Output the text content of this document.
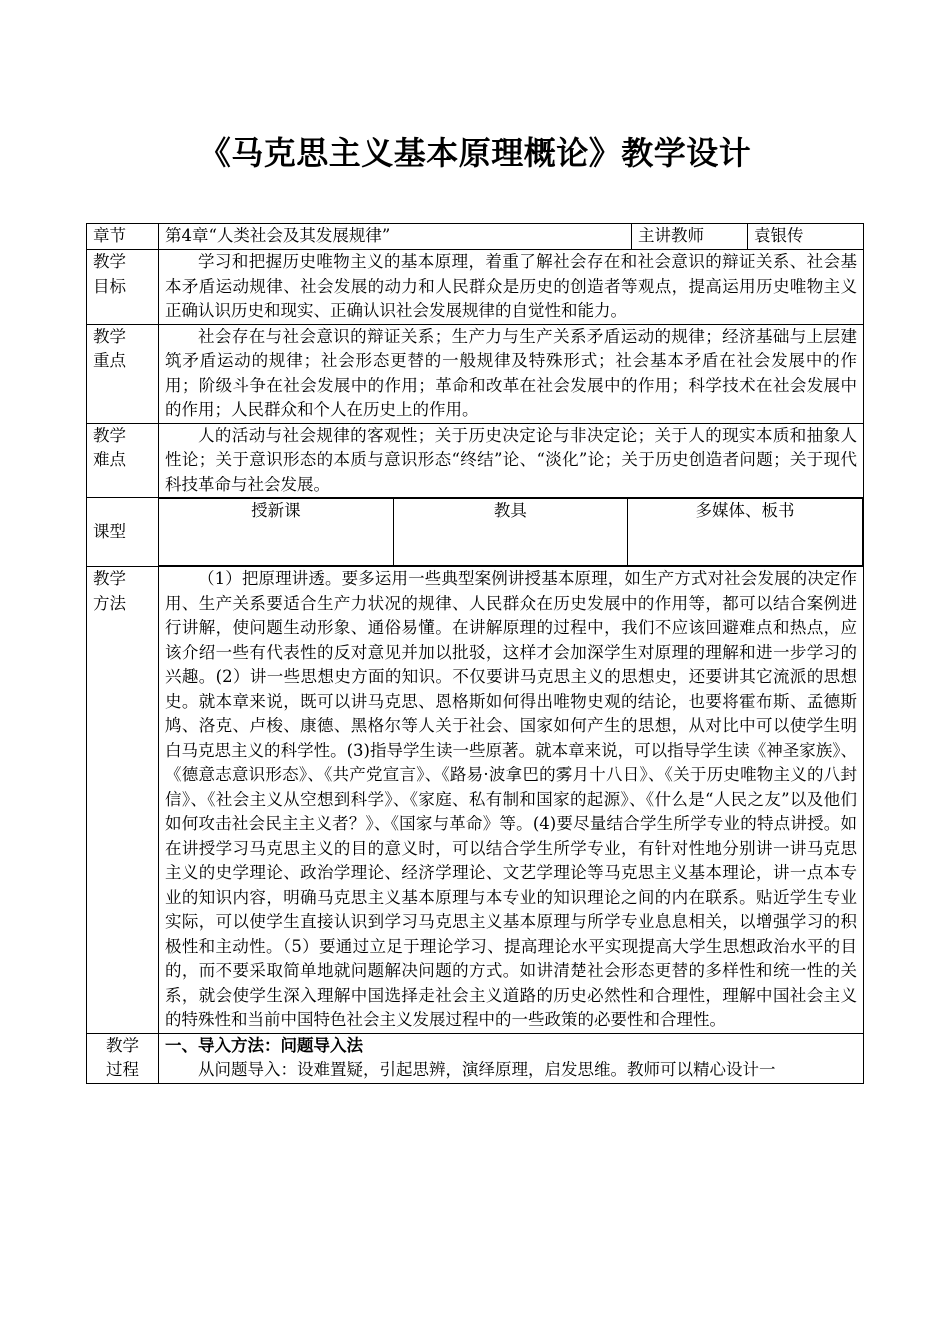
《马克思主义基本原理概论》教学设计
章节	第4章“人类社会及其发展规律”	主讲教师	袁银传

教学
目标

学习和把握历史唯物主义的基本原理，着重了解社会存在和社会意识的辩证关系、社会基本矛盾运动规律、社会发展的动力和人民群众是历史的创造者等观点，提高运用历史唯物主义正确认识历史和现实、正确认识社会发展规律的自觉性和能力。

教学
重点

社会存在与社会意识的辩证关系；生产力与生产关系矛盾运动的规律；经济基础与上层建筑矛盾运动的规律；社会形态更替的一般规律及特殊形式；社会基本矛盾在社会发展中的作用；阶级斗争在社会发展中的作用；革命和改革在社会发展中的作用；科学技术在社会发展中的作用；人民群众和个人在历史上的作用。

教学
难点

人的活动与社会规律的客观性；关于历史决定论与非决定论；关于人的现实本质和抽象人性论；关于意识形态的本质与意识形态“终结”论、“淡化”论；关于历史创造者问题；关于现代科技革命与社会发展。

课型	
授新课	教具	多媒体、板书

教学
方法

（1）把原理讲透。要多运用一些典型案例讲授基本原理，如生产方式对社会发展的决定作用、生产关系要适合生产力状况的规律、人民群众在历史发展中的作用等，都可以结合案例进行讲解，使问题生动形象、通俗易懂。在讲解原理的过程中，我们不应该回避难点和热点，应该介绍一些有代表性的反对意见并加以批驳，这样才会加深学生对原理的理解和进一步学习的兴趣。(2）讲一些思想史方面的知识。不仅要讲马克思主义的思想史，还要讲其它流派的思想史。就本章来说，既可以讲马克思、恩格斯如何得出唯物史观的结论，也要将霍布斯、孟德斯鸠、洛克、卢梭、康德、黑格尔等人关于社会、国家如何产生的思想，从对比中可以使学生明白马克思主义的科学性。(3)指导学生读一些原著。就本章来说，可以指导学生读《神圣家族》、《德意志意识形态》、《共产党宣言》、《路易·波拿巴的雾月十八日》、《关于历史唯物主义的八封信》、《社会主义从空想到科学》、《家庭、私有制和国家的起源》、《什么是“人民之友”以及他们如何攻击社会民主主义者？》、《国家与革命》等。(4)要尽量结合学生所学专业的特点讲授。如在讲授学习马克思主义的目的意义时，可以结合学生所学专业，有针对性地分别讲一讲马克思主义的史学理论、政治学理论、经济学理论、文艺学理论等马克思主义基本理论，讲一点本专业的知识内容，明确马克思主义基本原理与本专业的知识理论之间的内在联系。贴近学生专业实际，可以使学生直接认识到学习马克思主义基本原理与所学专业息息相关，以增强学习的积极性和主动性。（5）要通过立足于理论学习、提高理论水平实现提高大学生思想政治水平的目的，而不要采取简单地就问题解决问题的方式。如讲清楚社会形态更替的多样性和统一性的关系，就会使学生深入理解中国选择走社会主义道路的历史必然性和合理性，理解中国社会主义的特殊性和当前中国特色社会主义发展过程中的一些政策的必要性和合理性。

教学
过程

一、导入方法：问题导入法

从问题导入：设难置疑，引起思辨，演绎原理，启发思维。教师可以精心设计一
